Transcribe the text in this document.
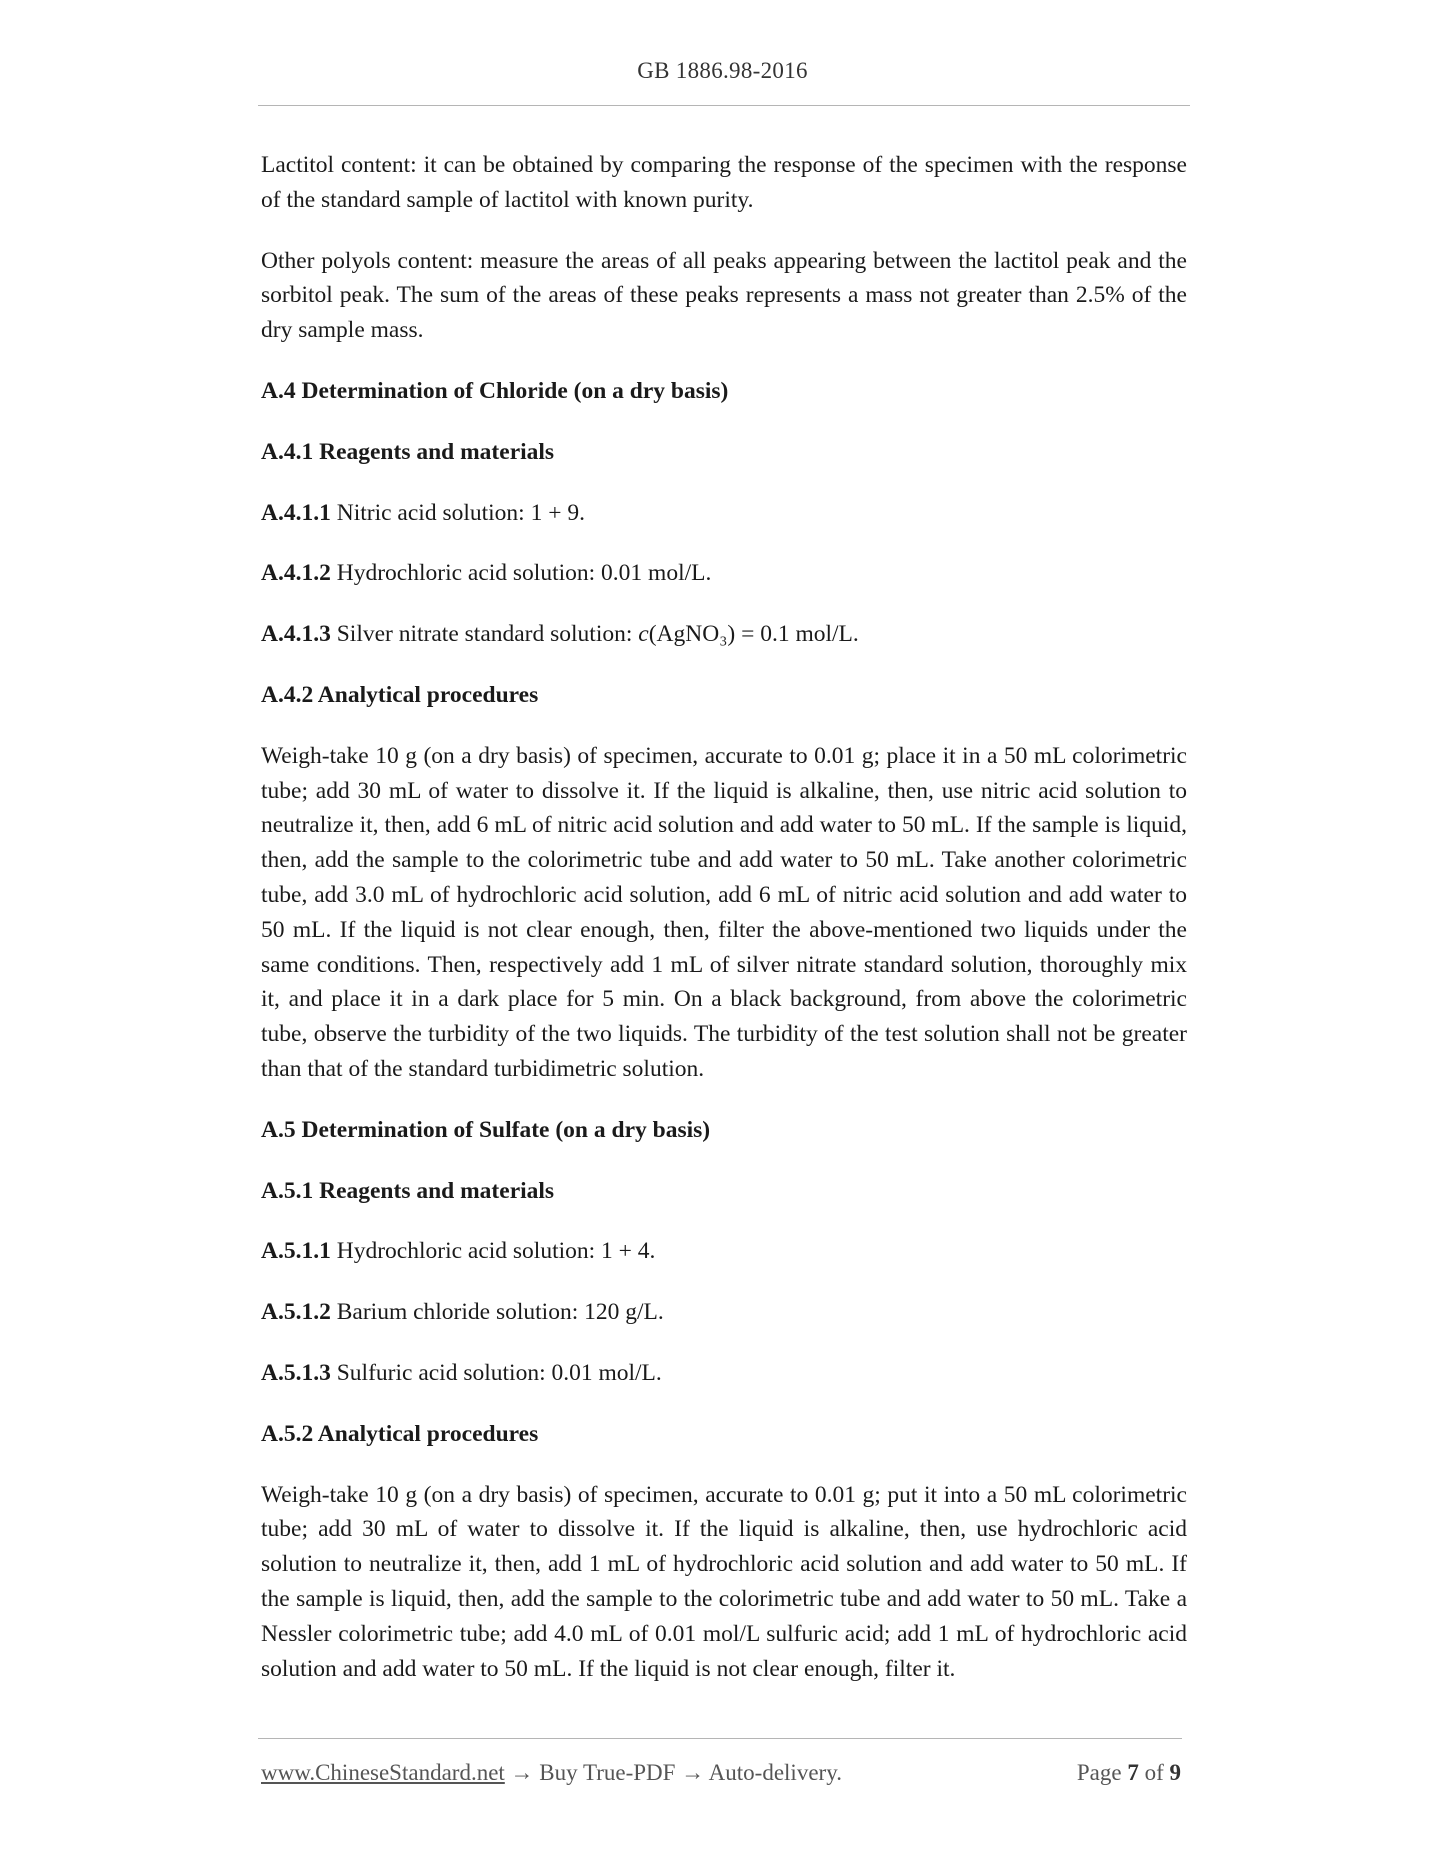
GB 1886.98-2016

Lactitol content: it can be obtained by comparing the response of the specimen with the response of the standard sample of lactitol with known purity.

Other polyols content: measure the areas of all peaks appearing between the lactitol peak and the sorbitol peak. The sum of the areas of these peaks represents a mass not greater than 2.5% of the dry sample mass.

A.4 Determination of Chloride (on a dry basis)

A.4.1 Reagents and materials

A.4.1.1 Nitric acid solution: 1 + 9.

A.4.1.2 Hydrochloric acid solution: 0.01 mol/L.

A.4.1.3 Silver nitrate standard solution: c(AgNO₃) = 0.1 mol/L.

A.4.2 Analytical procedures

Weigh-take 10 g (on a dry basis) of specimen, accurate to 0.01 g; place it in a 50 mL colorimetric tube; add 30 mL of water to dissolve it. If the liquid is alkaline, then, use nitric acid solution to neutralize it, then, add 6 mL of nitric acid solution and add water to 50 mL. If the sample is liquid, then, add the sample to the colorimetric tube and add water to 50 mL. Take another colorimetric tube, add 3.0 mL of hydrochloric acid solution, add 6 mL of nitric acid solution and add water to 50 mL. If the liquid is not clear enough, then, filter the above-mentioned two liquids under the same conditions. Then, respectively add 1 mL of silver nitrate standard solution, thoroughly mix it, and place it in a dark place for 5 min. On a black background, from above the colorimetric tube, observe the turbidity of the two liquids. The turbidity of the test solution shall not be greater than that of the standard turbidimetric solution.

A.5 Determination of Sulfate (on a dry basis)

A.5.1 Reagents and materials

A.5.1.1 Hydrochloric acid solution: 1 + 4.

A.5.1.2 Barium chloride solution: 120 g/L.

A.5.1.3 Sulfuric acid solution: 0.01 mol/L.

A.5.2 Analytical procedures

Weigh-take 10 g (on a dry basis) of specimen, accurate to 0.01 g; put it into a 50 mL colorimetric tube; add 30 mL of water to dissolve it. If the liquid is alkaline, then, use hydrochloric acid solution to neutralize it, then, add 1 mL of hydrochloric acid solution and add water to 50 mL. If the sample is liquid, then, add the sample to the colorimetric tube and add water to 50 mL. Take a Nessler colorimetric tube; add 4.0 mL of 0.01 mol/L sulfuric acid; add 1 mL of hydrochloric acid solution and add water to 50 mL. If the liquid is not clear enough, filter it.

www.ChineseStandard.net → Buy True-PDF → Auto-delivery.	Page 7 of 9
